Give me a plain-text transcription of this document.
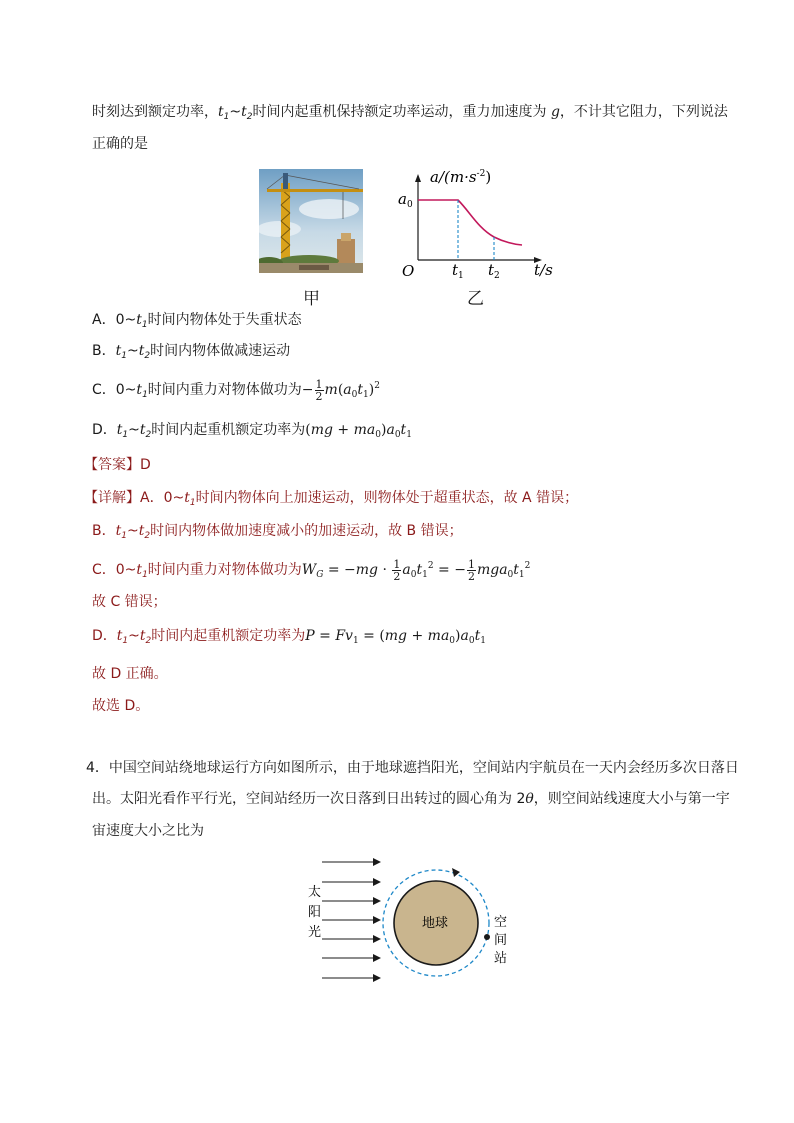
时刻达到额定功率，$t_1\sim t_2$时间内起重机保持额定功率运动，重力加速度为 g，不计其它阻力，下列说法
正确的是
甲
$a/(m\cdot s^{-2})$
$a_0$
O	$t_1$ $t_2$ t/s
乙
A．$0\sim t_1$时间内物体处于失重状态
B．$t_1\sim t_2$时间内物体做减速运动
C．$0\sim t_1$时间内重力对物体做功为− $\frac{1}{2} m(a_0t_1)^2$
D．$t_1\sim t_2$时间内起重机额定功率为$(mg + ma_0)a_0t_1$
【答案】D
【详解】A．$0\sim t_1$时间内物体向上加速运动，则物体处于超重状态，故 A 错误；
B．$t_1\sim t_2$时间内物体做加速度减小的加速运动，故 B 错误；
C．$0\sim t_1$时间内重力对物体做功为$W_G = -mg \cdot \frac{1}{2} a_0t_1^2$ = − $\frac{1}{2} mga_0t_1^2$
故 C 错误；
D．$t_1\sim t_2$时间内起重机额定功率为$P = Fv_1 = (mg + ma_0)a_0t_1$
故 D 正确。
故选 D。
4．中国空间站绕地球运行方向如图所示，由于地球遮挡阳光，空间站内宇航员在一天内会经历多次日落日
出。太阳光看作平行光，空间站经历一次日落到日出转过的圆心角为 2θ，则空间站线速度大小与第一宇
宙速度大小之比为
太
阳
光
地球	空
间
站
